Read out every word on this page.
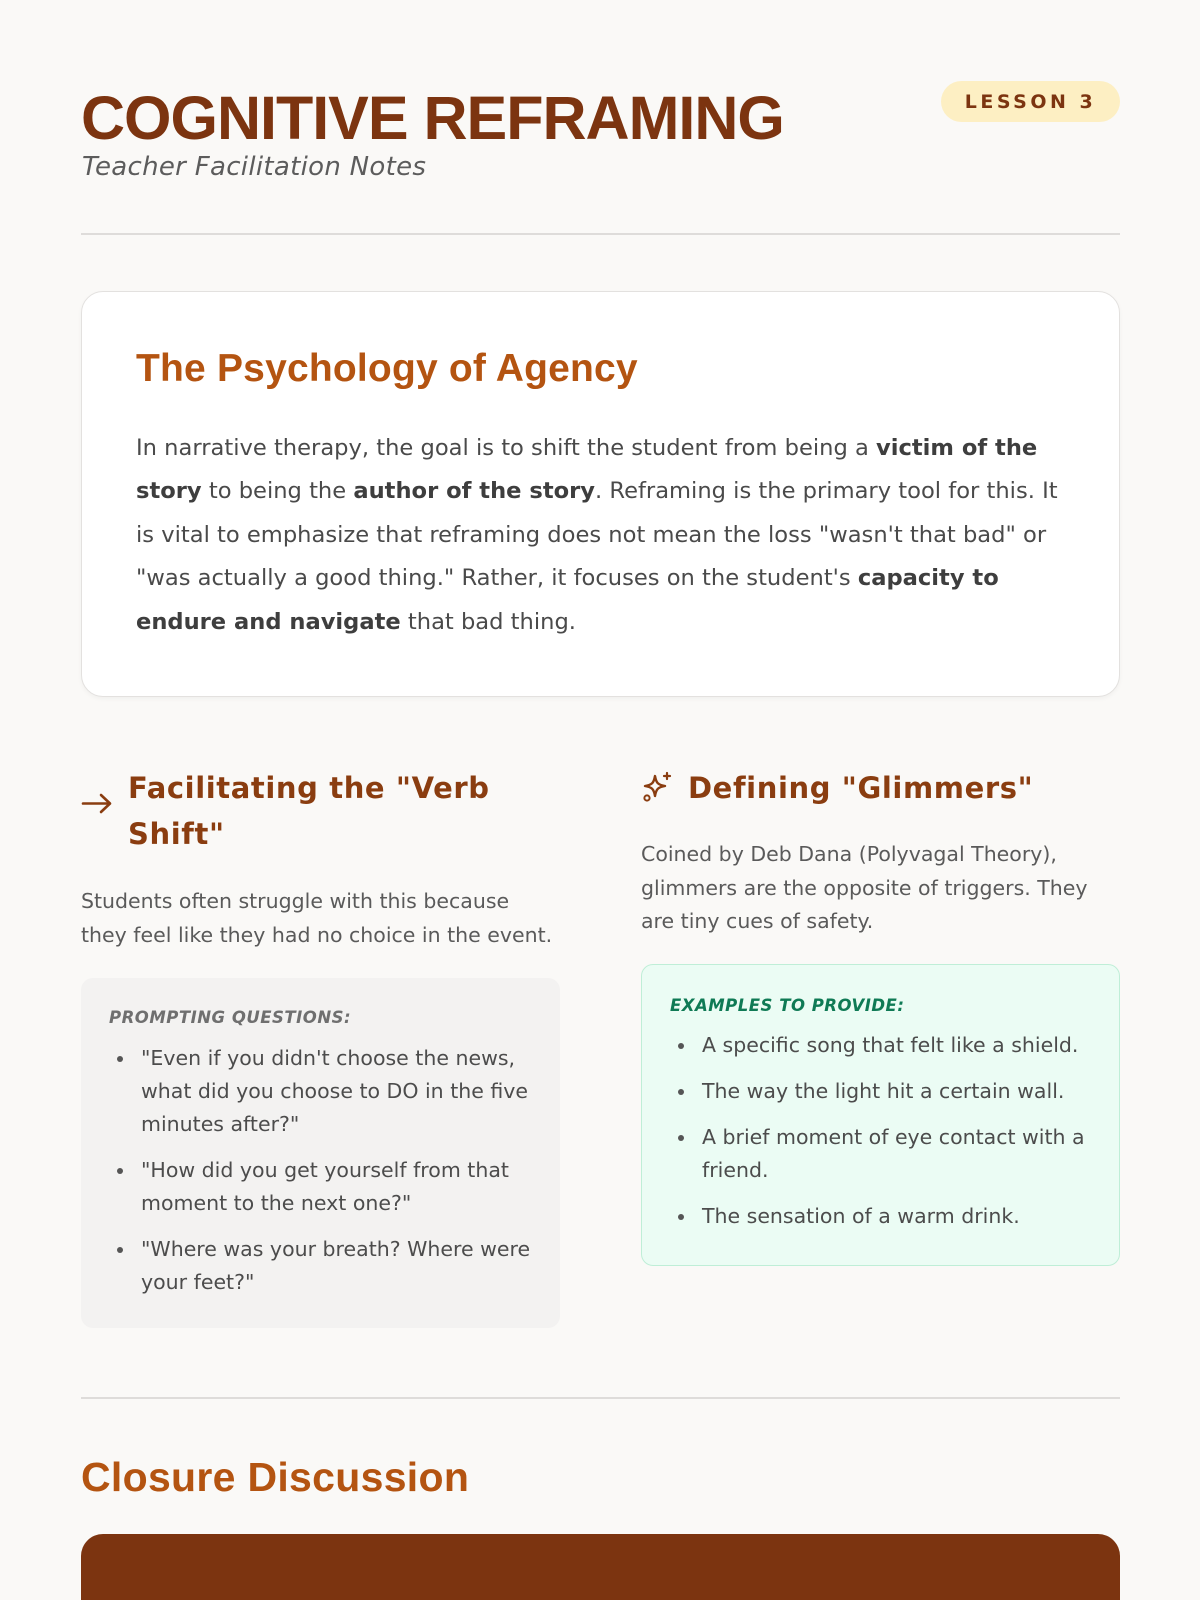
COGNITIVE REFRAMING
Teacher Facilitation Notes
LESSON 3
The Psychology of Agency
In narrative therapy, the goal is to shift the student from being a victim of the story to being the author of the story. Reframing is the primary tool for this. It is vital to emphasize that reframing does not mean the loss "wasn't that bad" or "was actually a good thing." Rather, it focuses on the student's capacity to endure and navigate that bad thing.
Facilitating the "Verb Shift"
Students often struggle with this because they feel like they had no choice in the event.
PROMPTING QUESTIONS:
"Even if you didn't choose the news, what did you choose to DO in the five minutes after?"
"How did you get yourself from that moment to the next one?"
"Where was your breath? Where were your feet?"
Defining "Glimmers"
Coined by Deb Dana (Polyvagal Theory), glimmers are the opposite of triggers. They are tiny cues of safety.
EXAMPLES TO PROVIDE:
A specific song that felt like a shield.
The way the light hit a certain wall.
A brief moment of eye contact with a friend.
The sensation of a warm drink.
Closure Discussion
